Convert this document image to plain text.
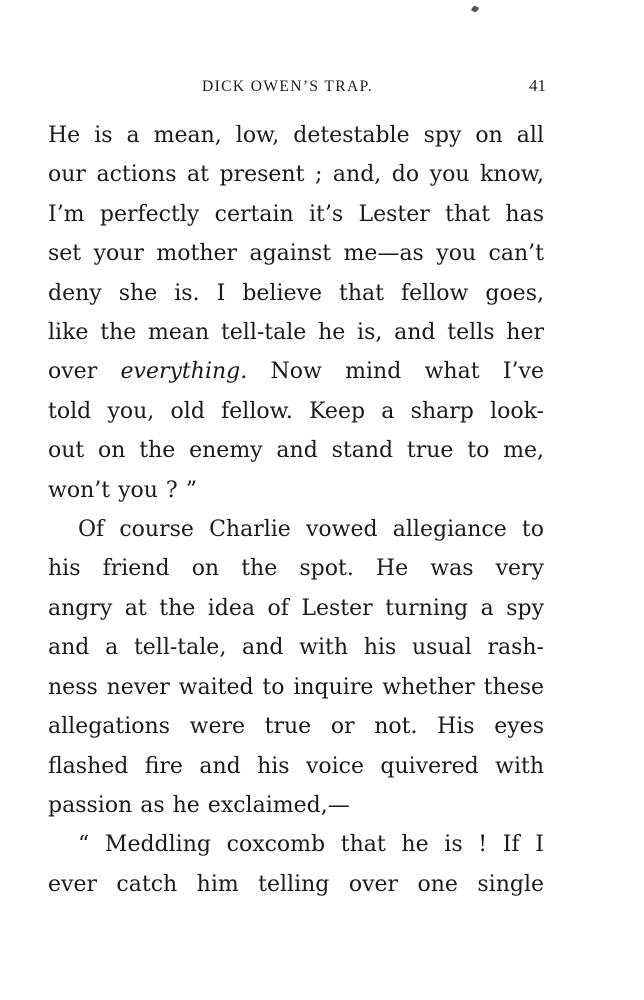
DICK OWEN’S TRAP.	41
He is a mean, low, detestable spy on all
our actions at present ; and, do you know,
I’m perfectly certain it’s Lester that has
set your mother against me—as you can’t
deny she is. I believe that fellow goes,
like the mean tell-tale he is, and tells her
over everything. Now mind what I’ve
told you, old fellow. Keep a sharp look-
out on the enemy and stand true to me,
won’t you ? ”
Of course Charlie vowed allegiance to
his friend on the spot. He was very
angry at the idea of Lester turning a spy
and a tell-tale, and with his usual rash-
ness never waited to inquire whether these
allegations were true or not. His eyes
flashed fire and his voice quivered with
passion as he exclaimed,—
“ Meddling coxcomb that he is ! If I
ever catch him telling over one single
